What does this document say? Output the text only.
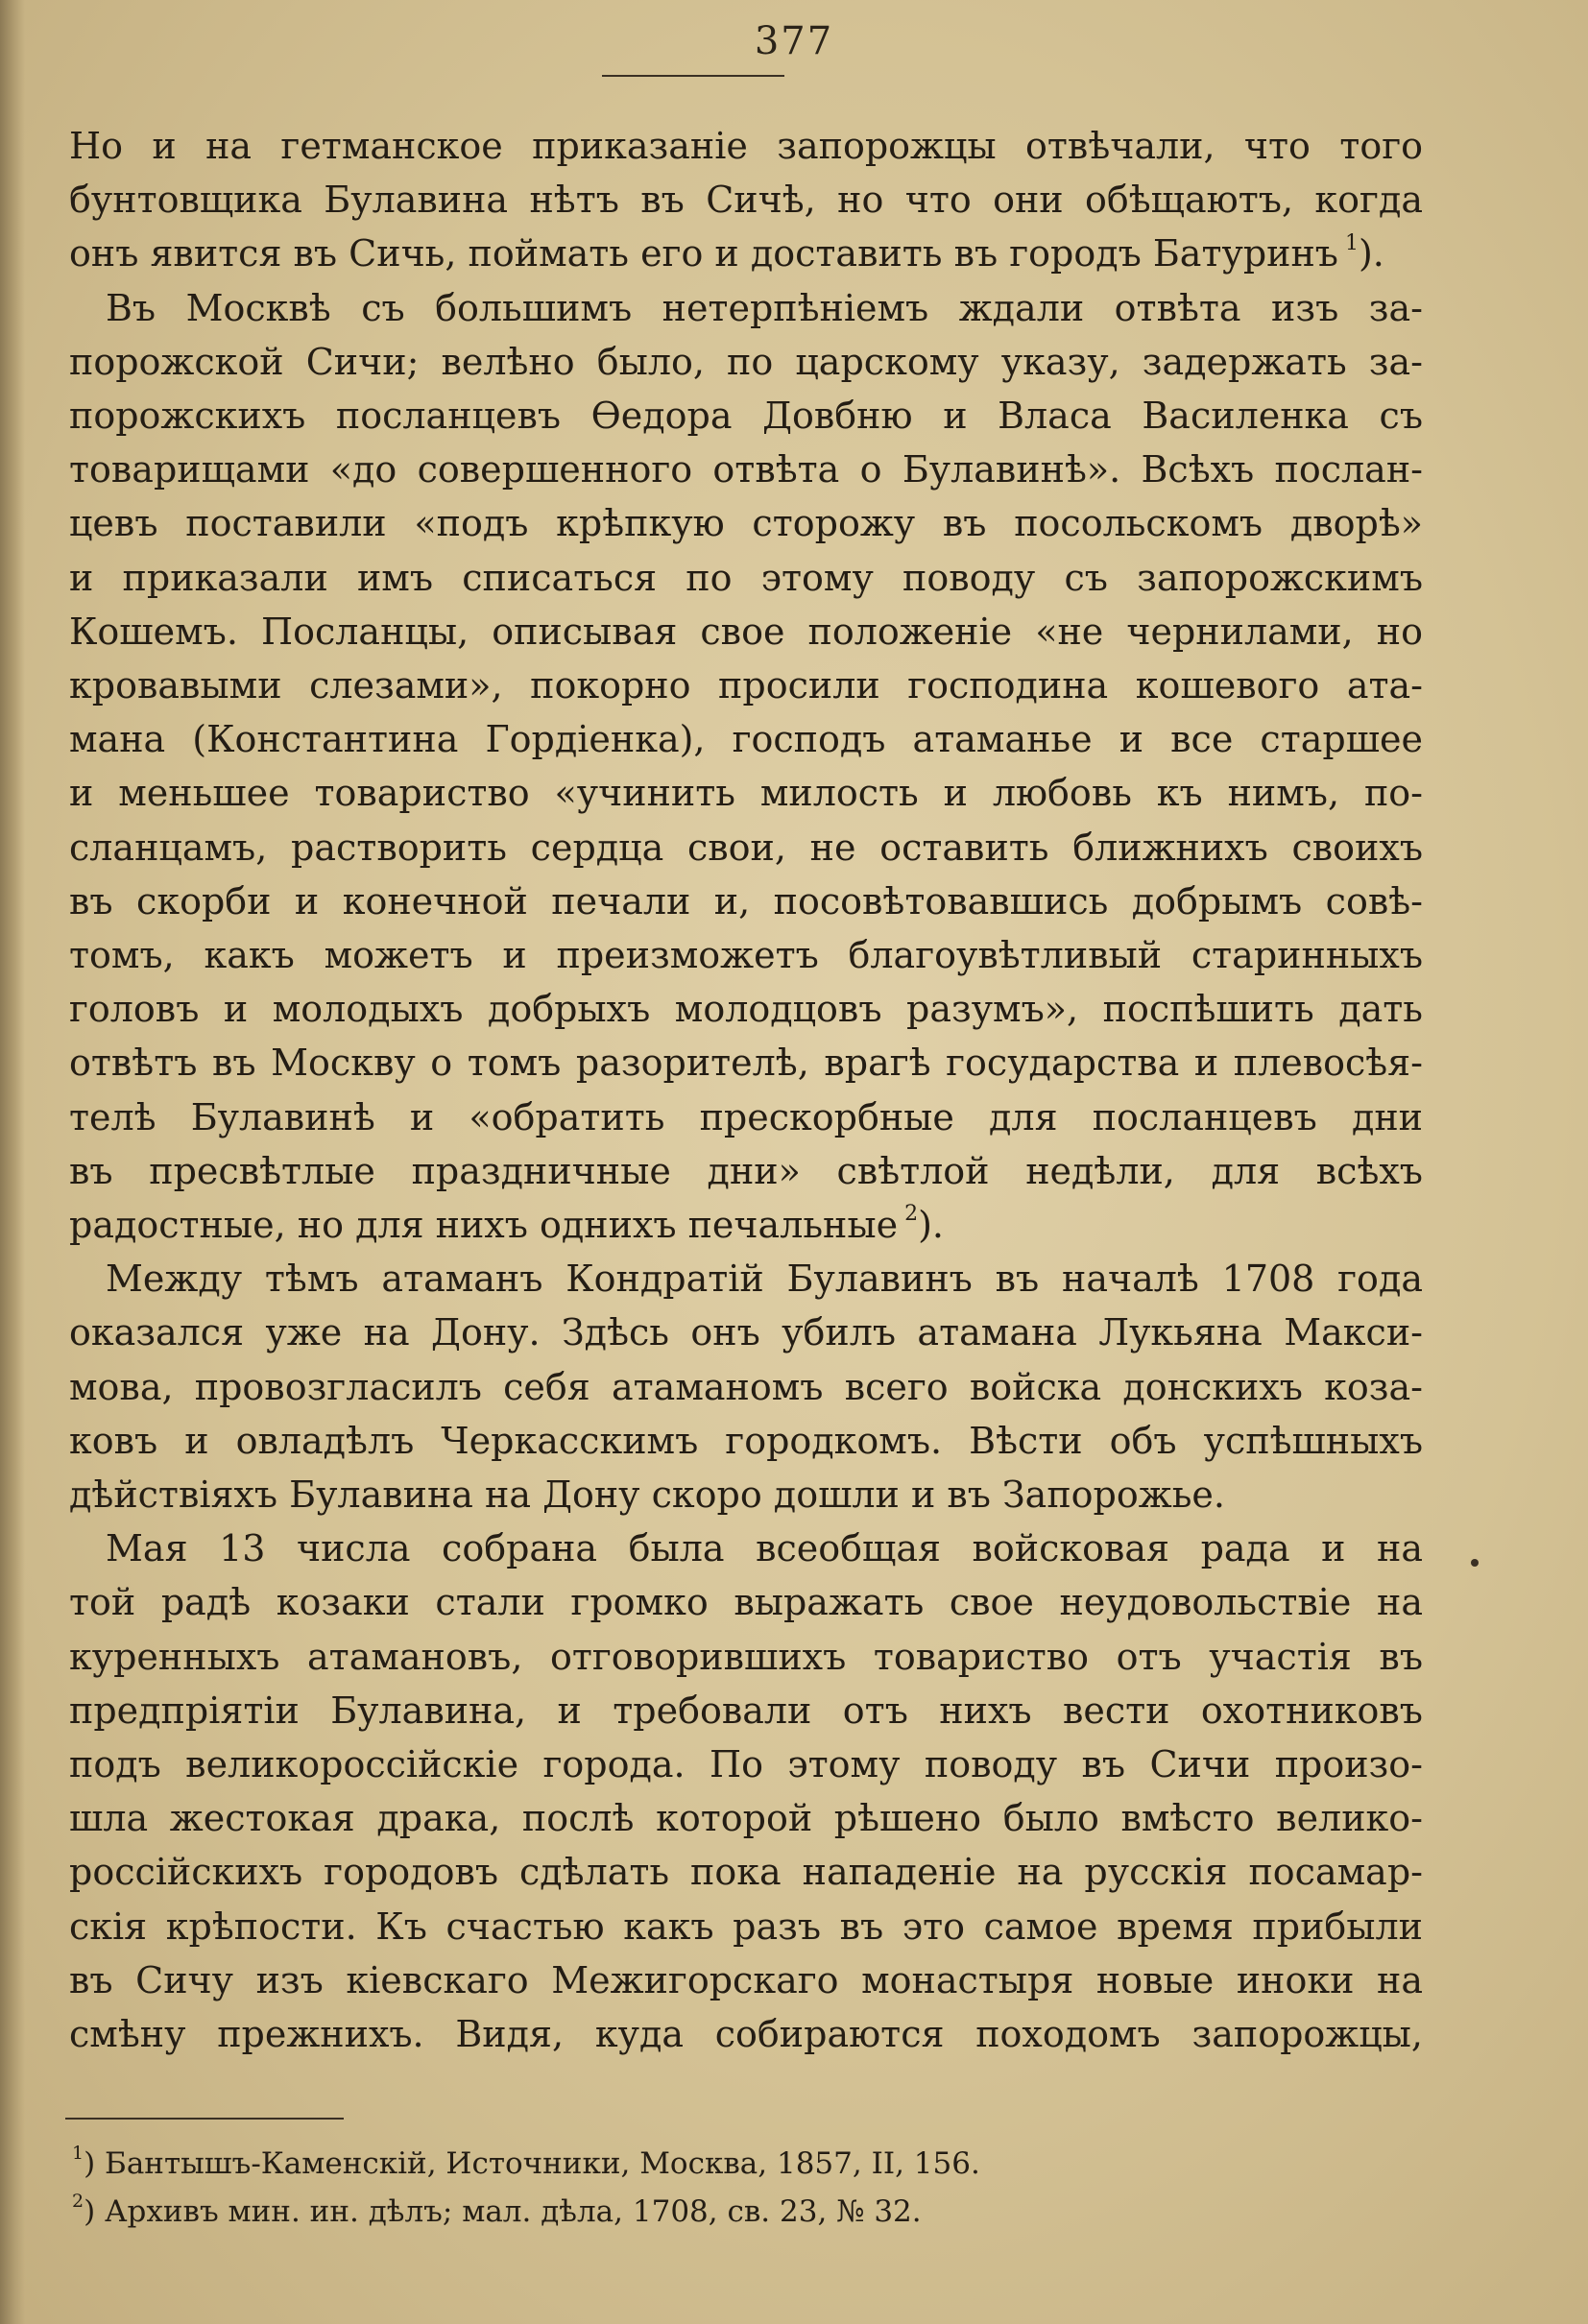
377
Но и на гетманское приказаніе запорожцы отвѣчали, что того
бунтовщика Булавина нѣтъ въ Сичѣ, но что они обѣщаютъ, когда
онъ явится въ Сичь, поймать его и доставить въ городъ Батуринъ $^1$).
Въ Москвѣ съ большимъ нетерпѣніемъ ждали отвѣта изъ за-
порожской Сичи; велѣно было, по царскому указу, задержать за-
порожскихъ посланцевъ Ѳедора Довбню и Власа Василенка съ
товарищами «до совершенного отвѣта о Булавинѣ». Всѣхъ послан-
цевъ поставили «подъ крѣпкую сторожу въ посольскомъ дворѣ»
и приказали имъ списаться по этому поводу съ запорожскимъ
Кошемъ. Посланцы, описывая свое положеніе «не чернилами, но
кровавыми слезами», покорно просили господина кошевого ата-
мана (Константина Гордіенка), господъ атаманье и все старшее
и меньшее товариство «учинить милость и любовь къ нимъ, по-
сланцамъ, растворить сердца свои, не оставить ближнихъ своихъ
въ скорби и конечной печали и, посовѣтовавшись добрымъ совѣ-
томъ, какъ можетъ и преизможетъ благоувѣтливый старинныхъ
головъ и молодыхъ добрыхъ молодцовъ разумъ», поспѣшить дать
отвѣтъ въ Москву о томъ разорителѣ, врагѣ государства и плевосѣя-
телѣ Булавинѣ и «обратить прескорбные для посланцевъ дни
въ пресвѣтлые праздничные дни» свѣтлой недѣли, для всѣхъ
радостные, но для нихъ однихъ печальные $^2$).
Между тѣмъ атаманъ Кондратій Булавинъ въ началѣ 1708 года
оказался уже на Дону. Здѣсь онъ убилъ атамана Лукьяна Макси-
мова, провозгласилъ себя атаманомъ всего войска донскихъ коза-
ковъ и овладѣлъ Черкасскимъ городкомъ. Вѣсти объ успѣшныхъ
дѣйствіяхъ Булавина на Дону скоро дошли и въ Запорожье.
Мая 13 числа собрана была всеобщая войсковая рада и на
той радѣ козаки стали громко выражать свое неудовольствіе на
куренныхъ атамановъ, отговорившихъ товариство отъ участія въ
предпріятіи Булавина, и требовали отъ нихъ вести охотниковъ
подъ великороссійскіе города. По этому поводу въ Сичи произо-
шла жестокая драка, послѣ которой рѣшено было вмѣсто велико-
россійскихъ городовъ сдѣлать пока нападеніе на русскія посамар-
скія крѣпости. Къ счастью какъ разъ въ это самое время прибыли
въ Сичу изъ кіевскаго Межигорскаго монастыря новые иноки на
смѣну прежнихъ. Видя, куда собираются походомъ запорожцы,
$^1$) Бантышъ-Каменскій, Источники, Москва, 1857, II, 156.
$^2$) Архивъ мин. ин. дѣлъ; мал. дѣла, 1708, св. 23, № 32.
